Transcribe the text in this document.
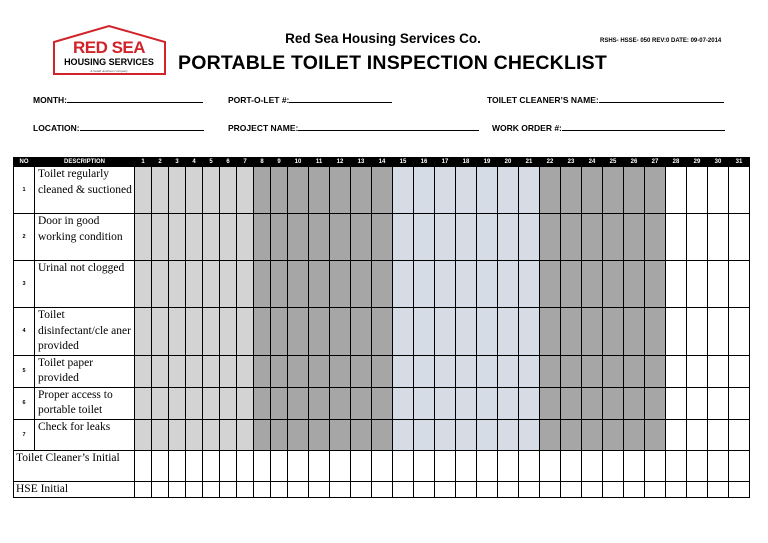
RED SEA
HOUSING SERVICES
A Saudi Arabian Company
Red Sea Housing Services Co.
PORTABLE TOILET INSPECTION CHECKLIST
RSHS- HSSE- 050 REV:0 DATE: 09-07-2014
MONTH:	PORT-O-LET #:	TOILET CLEANER’S NAME:
LOCATION:	PROJECT NAME:	WORK ORDER #:
NO	DESCRIPTION	1	2	3	4	5	6	7	8	9	10	11	12	13	14	15	16	17	18	19	20	21	22	23	24	25	26	27	28	29	30	31
1	Toilet regularly cleaned & suctioned																															
2	Door in good working condition																															
3	Urinal not clogged																															
4	Toilet disinfectant/cle aner provided																															
5	Toilet paper provided																															
6	Proper access to portable toilet																															
7	Check for leaks																															
Toilet Cleaner’s Initial																																
HSE Initial																																
